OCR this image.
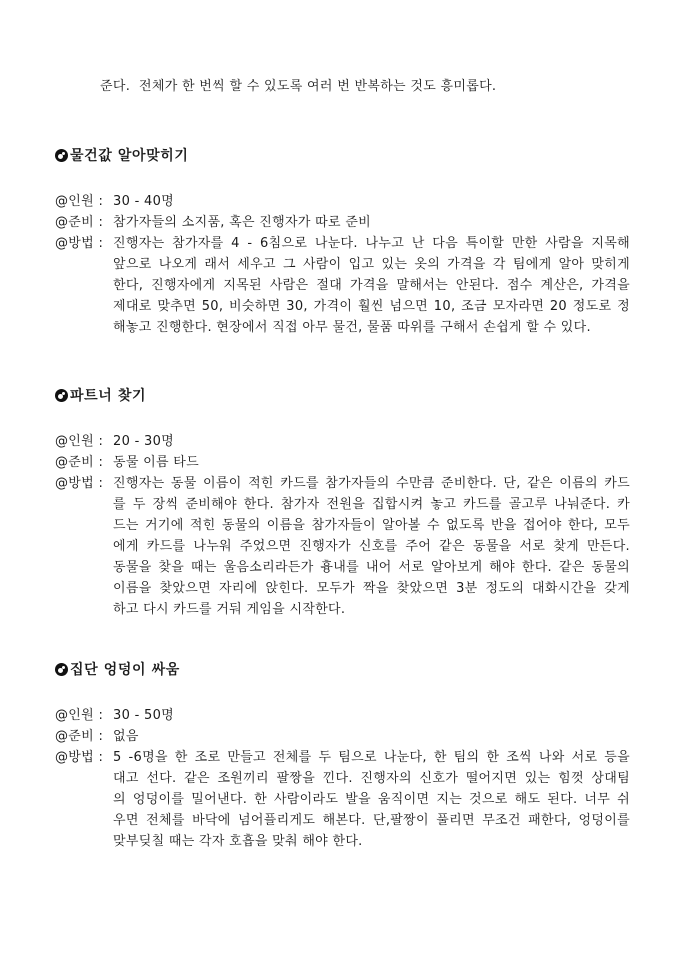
준다.  전체가 한 번씩 할 수 있도록 여러 번 반복하는 것도 흥미롭다.
물건값 알아맞히기
@인원 : 30 - 40명
@준비 : 참가자들의 소지품, 혹은 진행자가 따로 준비
@방법 : 진행자는 참가자를 4 - 6침으로 나눈다. 나누고 난 다음 특이할 만한 사람을 지목해
앞으로 나오게 래서 세우고 그 사람이 입고 있는 옷의 가격을 각 팀에게 알아 맞히게
한다, 진행자에게 지목된 사람은 절대 가격을 말해서는 안된다. 점수 계산은, 가격을
제대로 맞추면 50, 비슷하면 30, 가격이 훨씬 넘으면 10, 조금 모자라면 20 정도로 정
해놓고 진행한다. 현장에서 직접 아무 물건, 물품 따위를 구해서 손쉽게 할 수 있다.
파트너 찾기
@인원 : 20 - 30명
@준비 : 동물 이름 타드
@방법 : 진행자는 동물 이름이 적힌 카드를 참가자들의 수만큼 준비한다. 단, 같은 이름의 카드
를 두 장씩 준비해야 한다. 참가자 전원을 집합시켜 놓고 카드를 골고루 나눠준다. 카
드는 거기에 적힌 동물의 이름을 참가자들이 알아볼 수 없도록 반을 접어야 한다, 모두
에게 카드를 나누워 주었으면 진행자가 신호를 주어 같은 동물을 서로 찾게 만든다.
동물을 찾을 때는 울음소리라든가 흉내를 내어 서로 알아보게 해야 한다. 같은 동물의
이름을 찾았으면 자리에 앉힌다. 모두가 짝을 찾았으면 3분 정도의 대화시간을 갖게
하고 다시 카드를 거둬 게임을 시작한다.
집단 엉덩이 싸움
@인원 : 30 - 50명
@준비 : 없음
@방법 : 5 -6명을 한 조로 만들고 전체를 두 팀으로 나눈다, 한 팀의 한 조씩 나와 서로 등을
대고 선다. 같은 조원끼리 팔짱을 낀다. 진행자의 신호가 떨어지면 있는 힘껏 상대팀
의 엉덩이를 밀어낸다. 한 사람이라도 발을 움직이면 지는 것으로 해도 된다. 너무 쉬
우면 전체를 바닥에 넘어플리게도 해본다. 단,팔짱이 풀리면 무조건 패한다, 엉덩이를
맞부딪칠 때는 각자 호흡을 맞춰 해야 한다.
